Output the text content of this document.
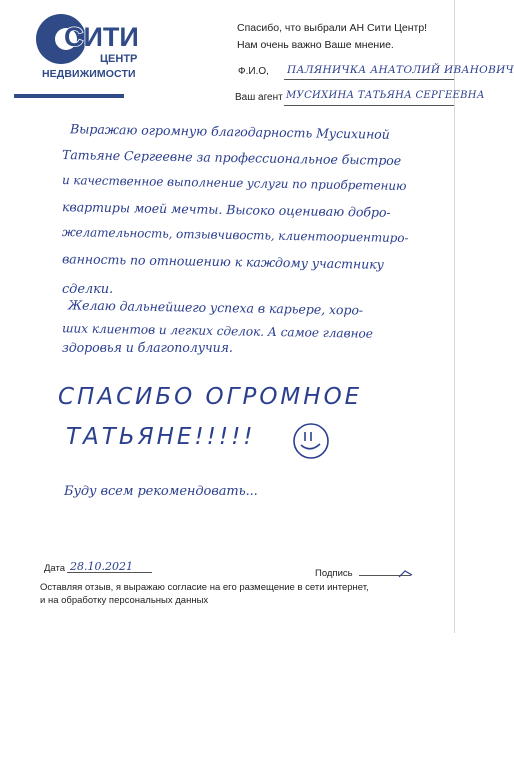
СИТИ
ЦЕНТР
НЕДВИЖИМОСТИ
Спасибо, что выбрали АН Сити Центр!
Нам очень важно Ваше мнение.
Ф.И.О, ПАЛЯНИЧКА АНАТОЛИЙ ИВАНОВИЧ
Ваш агент МУСИХИНА ТАТЬЯНА СЕРГЕЕВНА
Выражаю огромную благодарность Мусихиной
Татьяне Сергеевне за профессиональное быстрое
и качественное выполнение услуги по приобретению
квартиры моей мечты. Высоко оцениваю добро-
желательность, отзывчивость, клиентоориентиро-
ванность по отношению к каждому участнику
сделки.
Желаю дальнейшего успеха в карьере, хоро-
ших клиентов и легких сделок. А самое главное
здоровья и благополучия.
СПАСИБО ОГРОМНОЕ
ТАТЬЯНЕ!!!!!
Буду всем рекомендовать...
Дата 28.10.2021
Подпись
Оставляя отзыв, я выражаю согласие на его размещение в сети интернет,
и на обработку персональных данных
